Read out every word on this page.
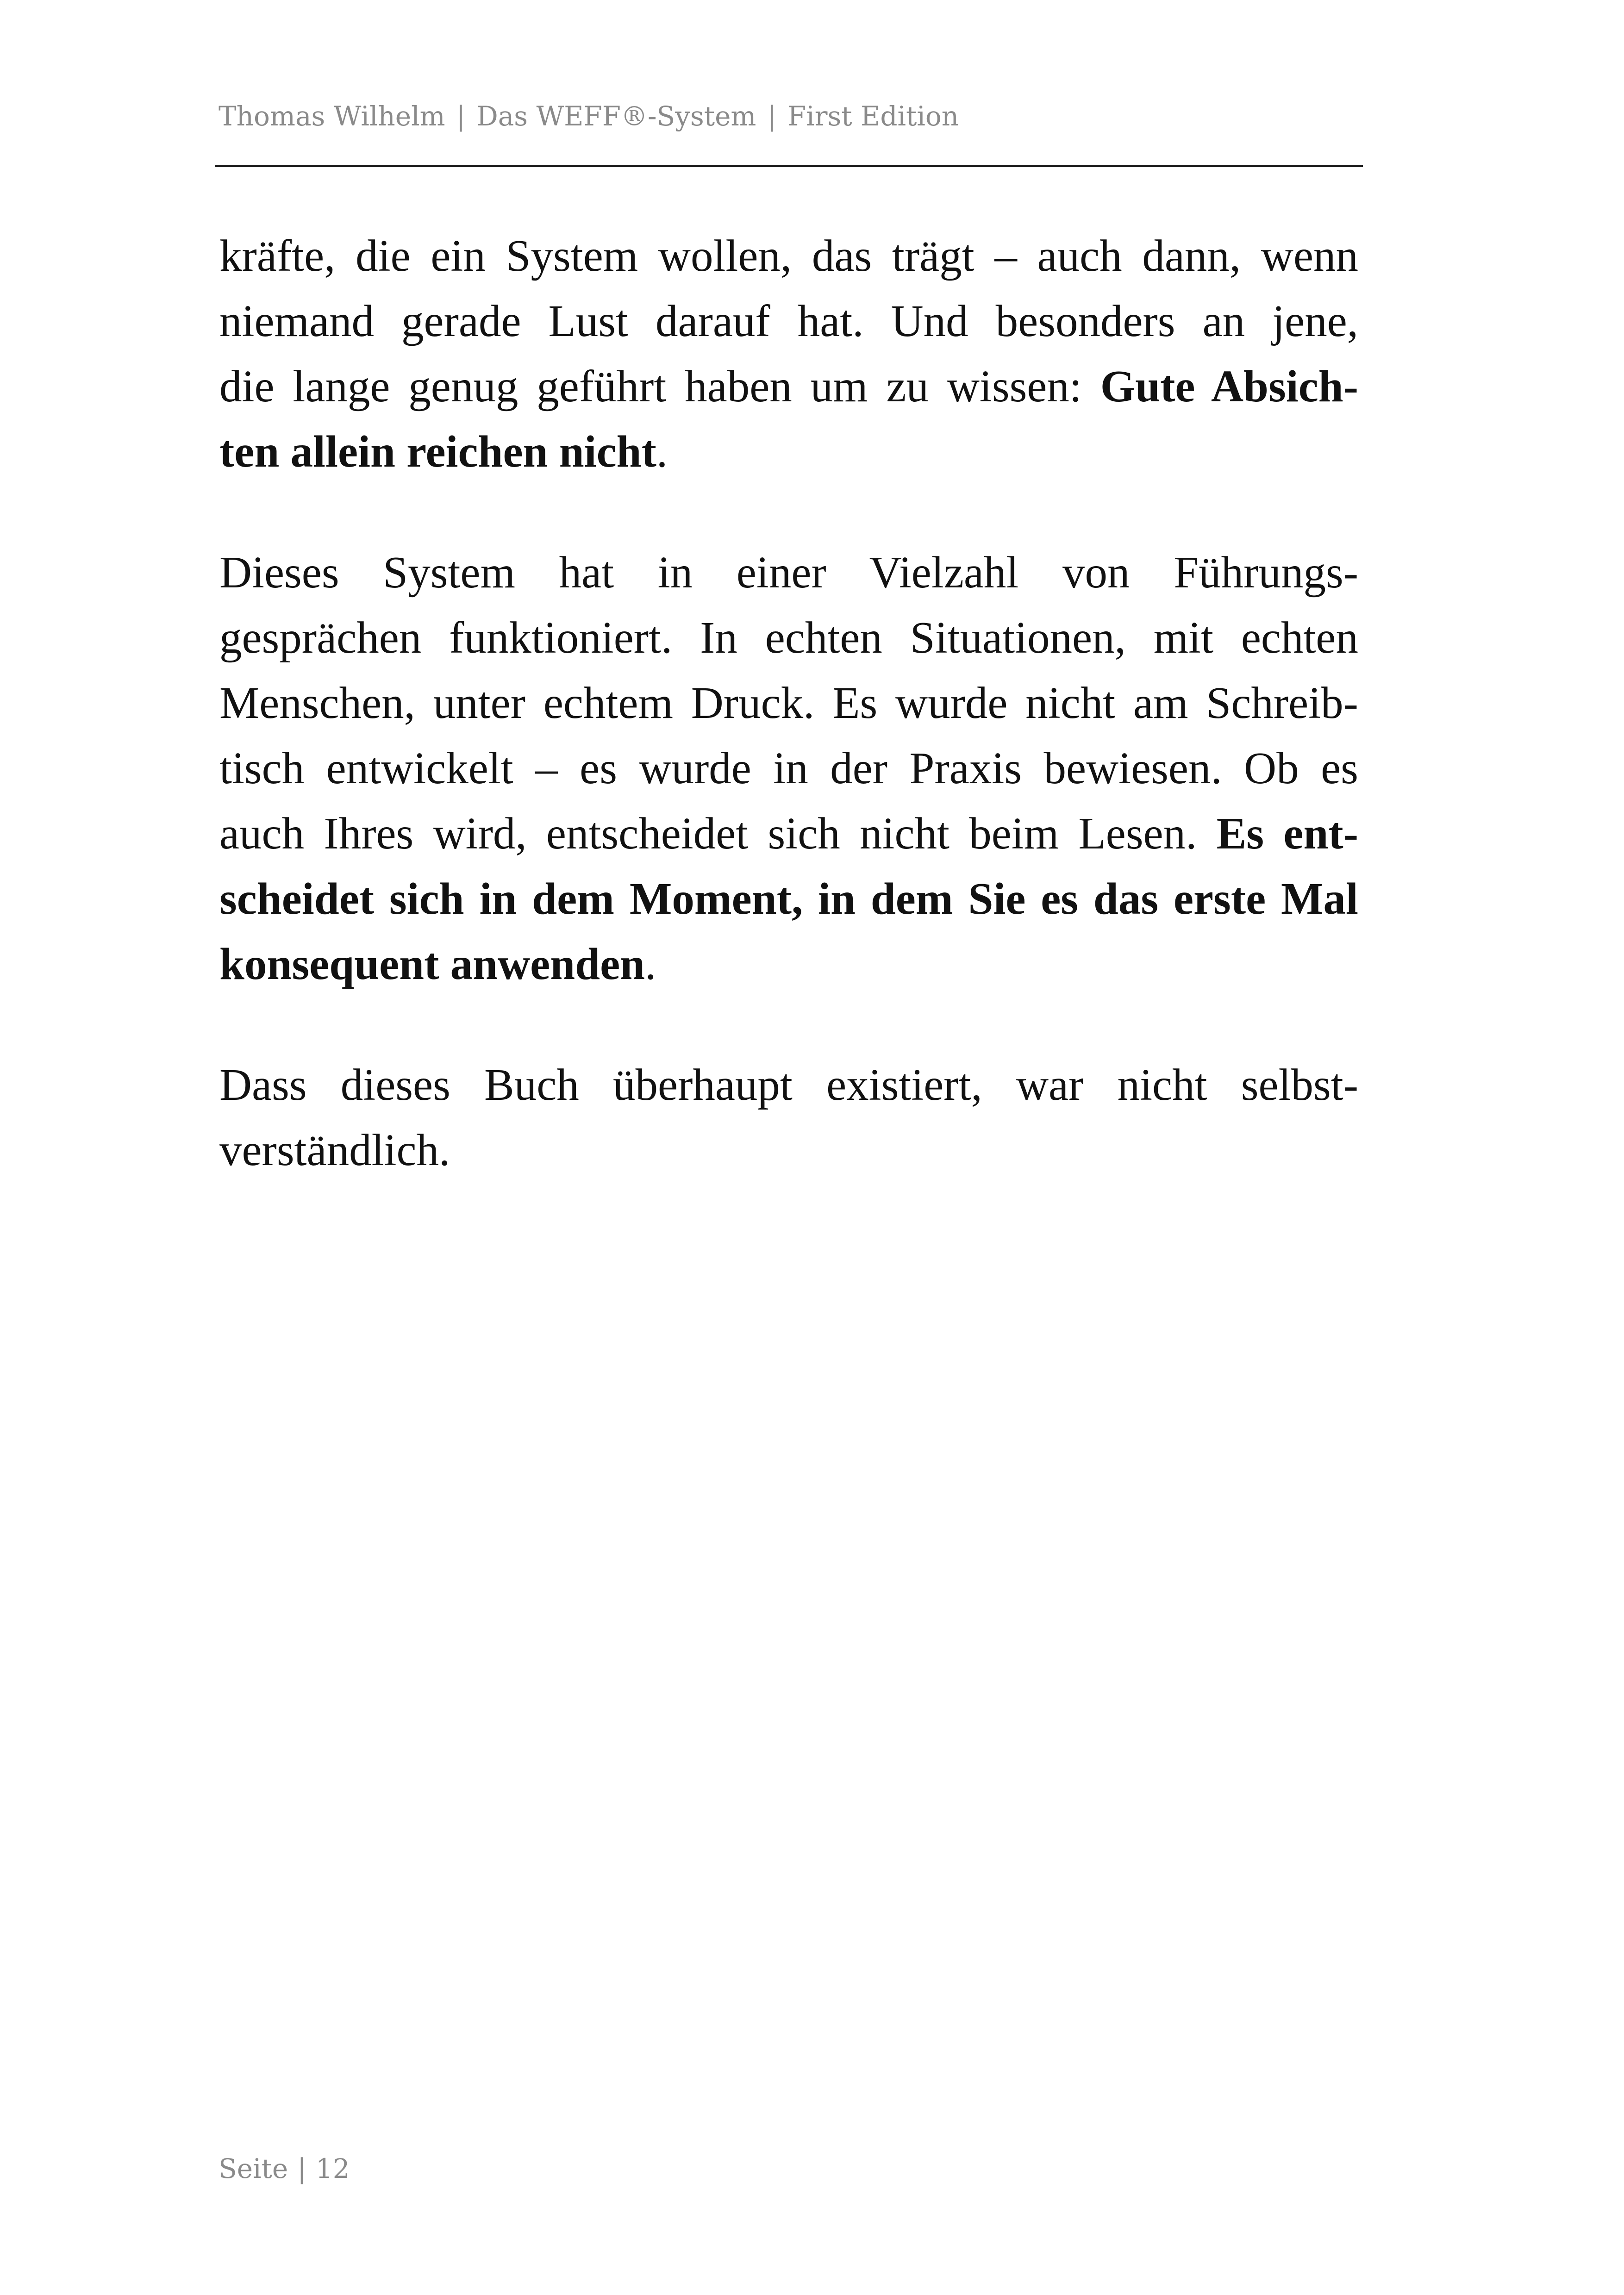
Thomas Wilhelm | Das WEFF®-System | First Edition
kräfte, die ein System wollen, das trägt – auch dann, wenn
niemand gerade Lust darauf hat. Und besonders an jene,
die lange genug geführt haben um zu wissen: Gute Absich-
ten allein reichen nicht.
Dieses System hat in einer Vielzahl von Führungs-
gesprächen funktioniert. In echten Situationen, mit echten
Menschen, unter echtem Druck. Es wurde nicht am Schreib-
tisch entwickelt – es wurde in der Praxis bewiesen. Ob es
auch Ihres wird, entscheidet sich nicht beim Lesen. Es ent-
scheidet sich in dem Moment, in dem Sie es das erste Mal
konsequent anwenden.
Dass dieses Buch überhaupt existiert, war nicht selbst-
verständlich.
Seite | 12
